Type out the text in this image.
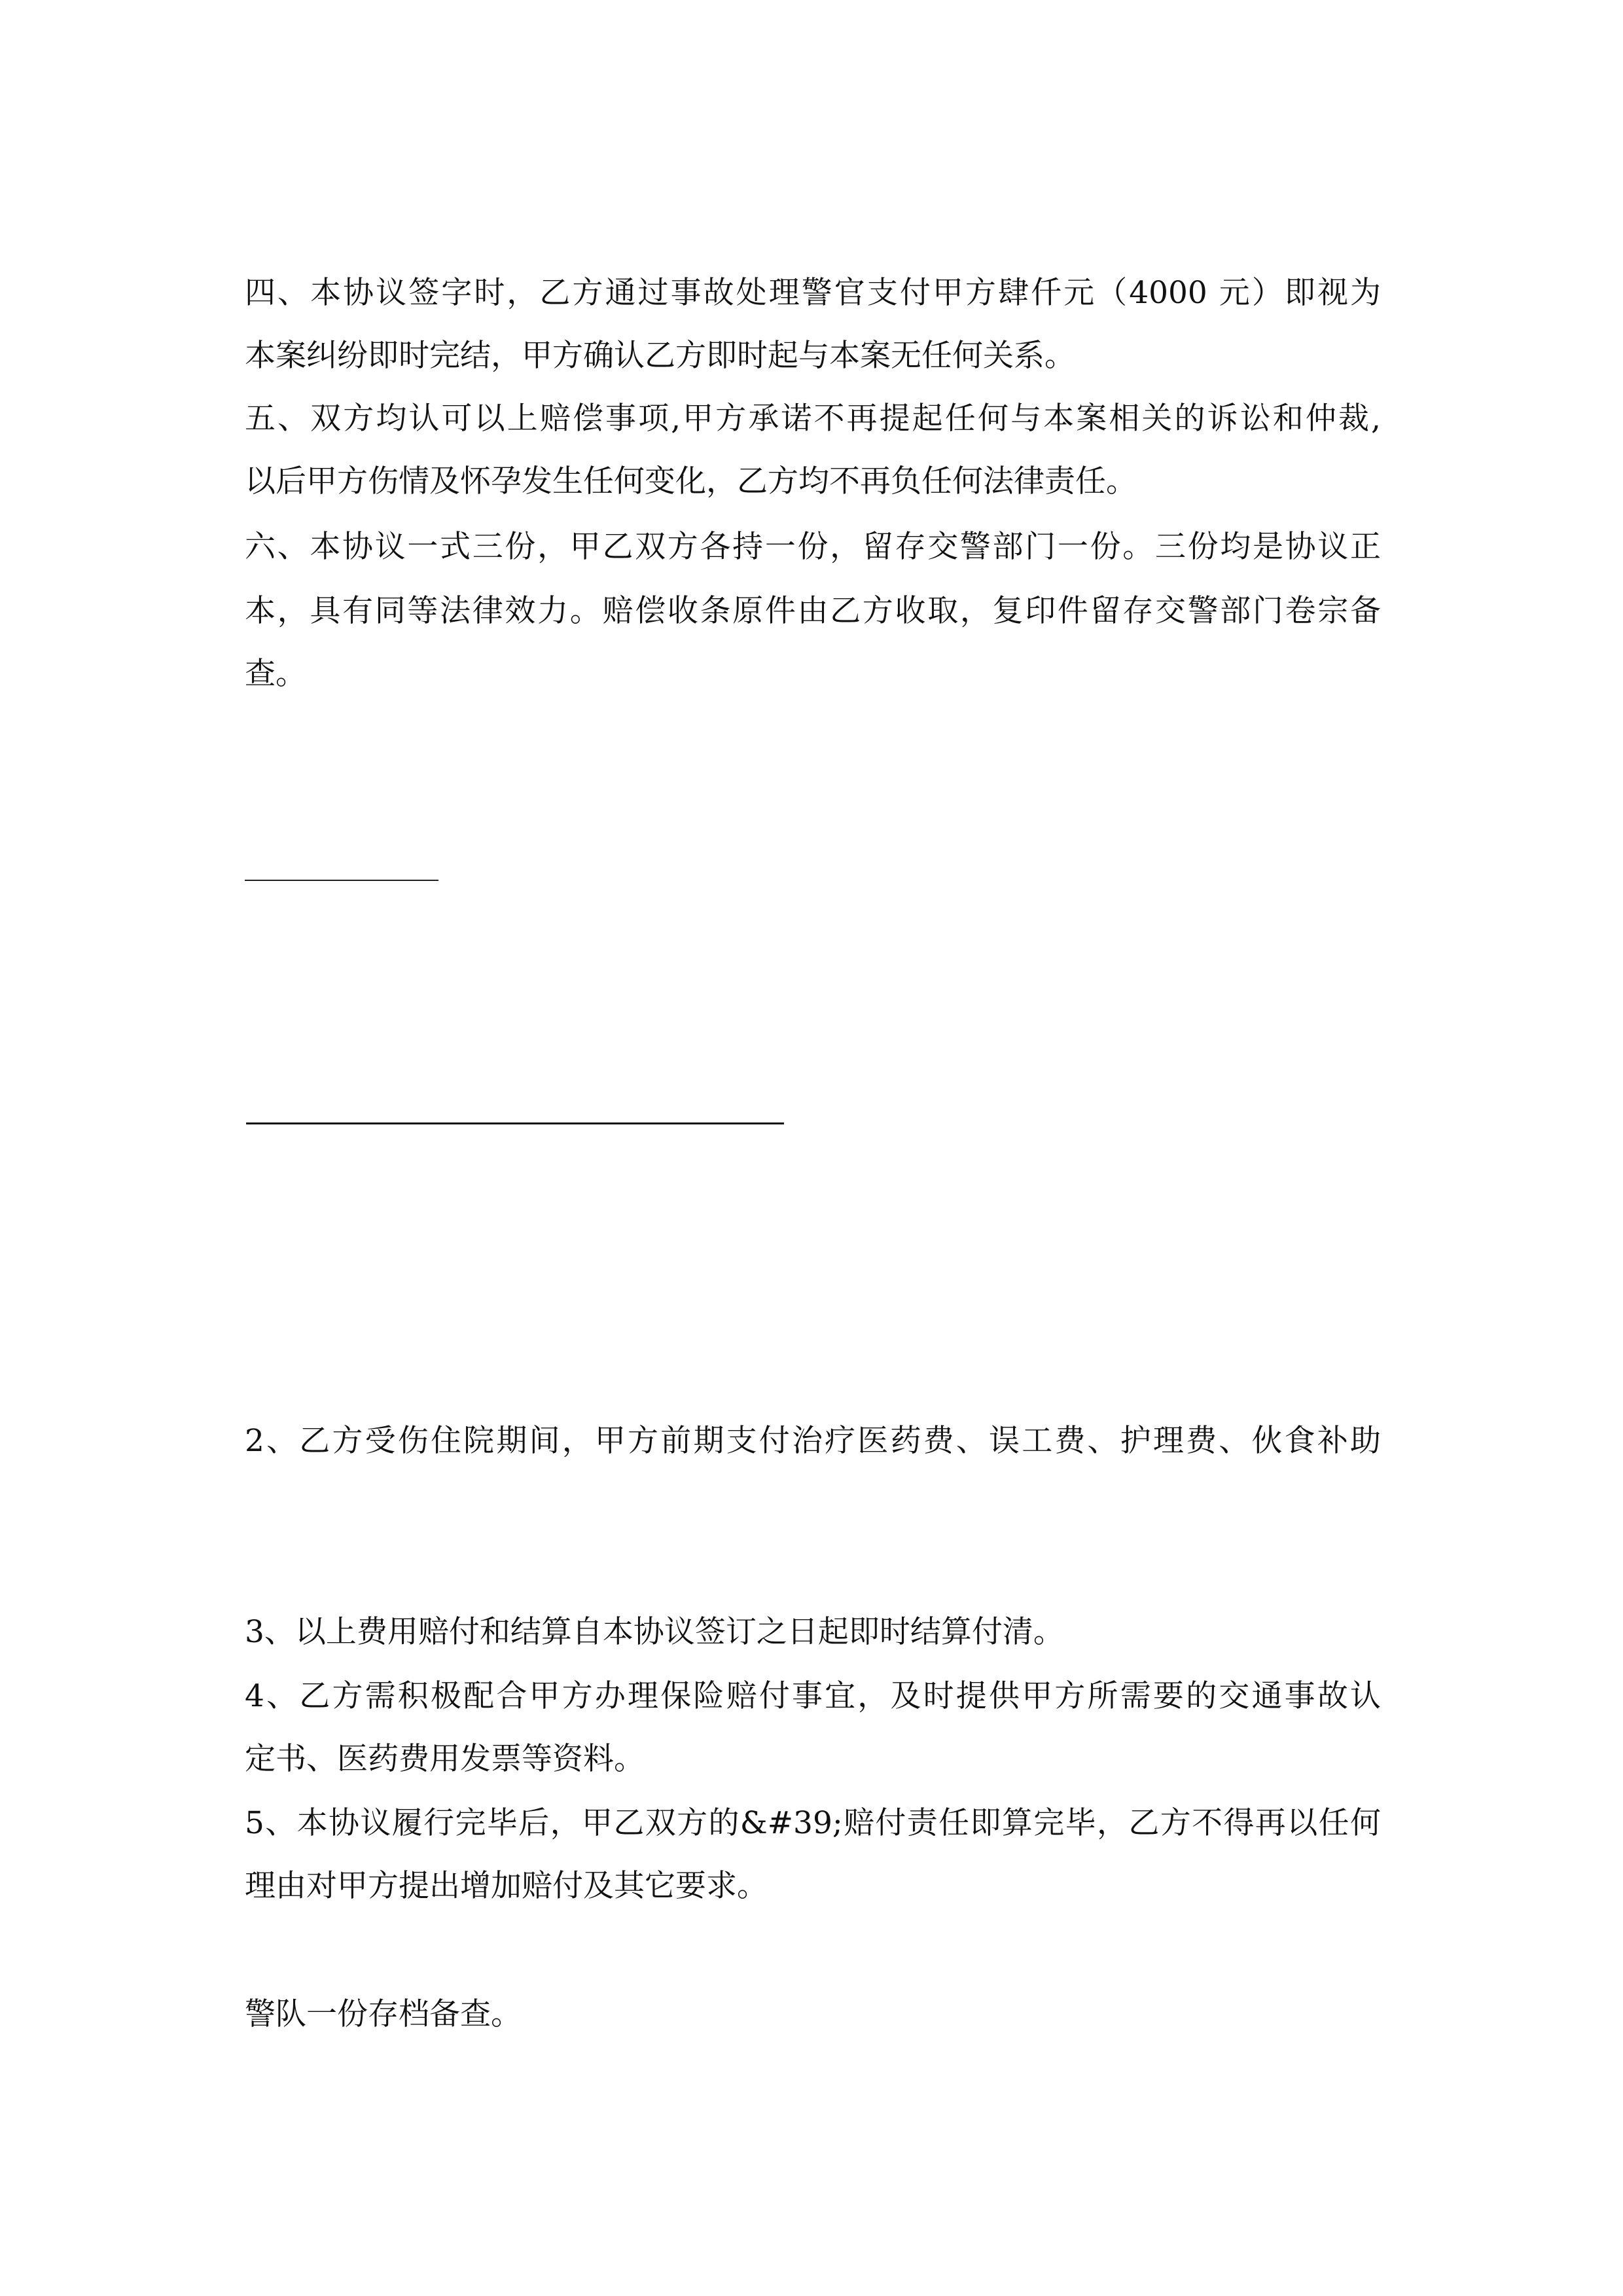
四、本协议签字时，乙方通过事故处理警官支付甲方肆仟元（4000 元）即视为
本案纠纷即时完结，甲方确认乙方即时起与本案无任何关系。
五、双方均认可以上赔偿事项,甲方承诺不再提起任何与本案相关的诉讼和仲裁,
以后甲方伤情及怀孕发生任何变化，乙方均不再负任何法律责任。
六、本协议一式三份，甲乙双方各持一份，留存交警部门一份。三份均是协议正
本，具有同等法律效力。赔偿收条原件由乙方收取，复印件留存交警部门卷宗备
查。

————————————————————

2、乙方受伤住院期间，甲方前期支付治疗医药费、误工费、护理费、伙食补助

3、以上费用赔付和结算自本协议签订之日起即时结算付清。
4、乙方需积极配合甲方办理保险赔付事宜，及时提供甲方所需要的交通事故认
定书、医药费用发票等资料。
5、本协议履行完毕后，甲乙双方的&#39;赔付责任即算完毕，乙方不得再以任何
理由对甲方提出增加赔付及其它要求。

警队一份存档备查。
